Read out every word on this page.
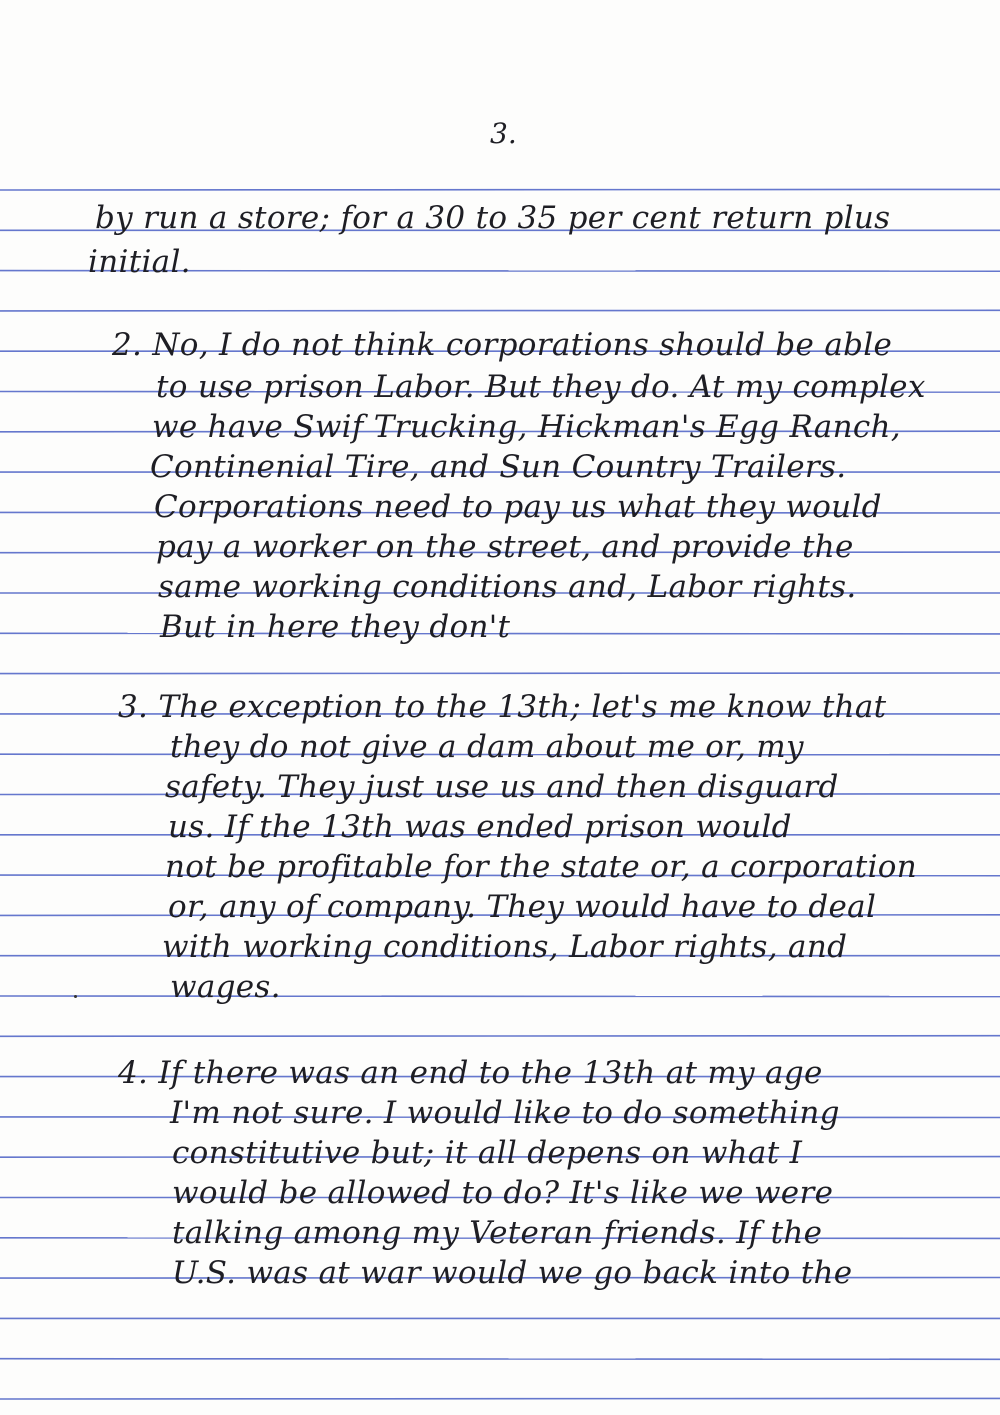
3.
by run a store; for a 30 to 35 per cent return plus
initial.
2. No, I do not think corporations should be able
to use prison Labor. But they do. At my complex
we have Swif Trucking, Hickman's Egg Ranch,
Continenial Tire, and Sun Country Trailers.
Corporations need to pay us what they would
pay a worker on the street, and provide the
same working conditions and, Labor rights.
But in here they don't
3. The exception to the 13th; let's me know that
they do not give a dam about me or, my
safety. They just use us and then disguard
us. If the 13th was ended prison would
not be profitable for the state or, a corporation
or, any of company. They would have to deal
with working conditions, Labor rights, and
wages.
4. If there was an end to the 13th at my age
I'm not sure. I would like to do something
constitutive but; it all depens on what I
would be allowed to do? It's like we were
talking among my Veteran friends. If the
U.S. was at war would we go back into the
